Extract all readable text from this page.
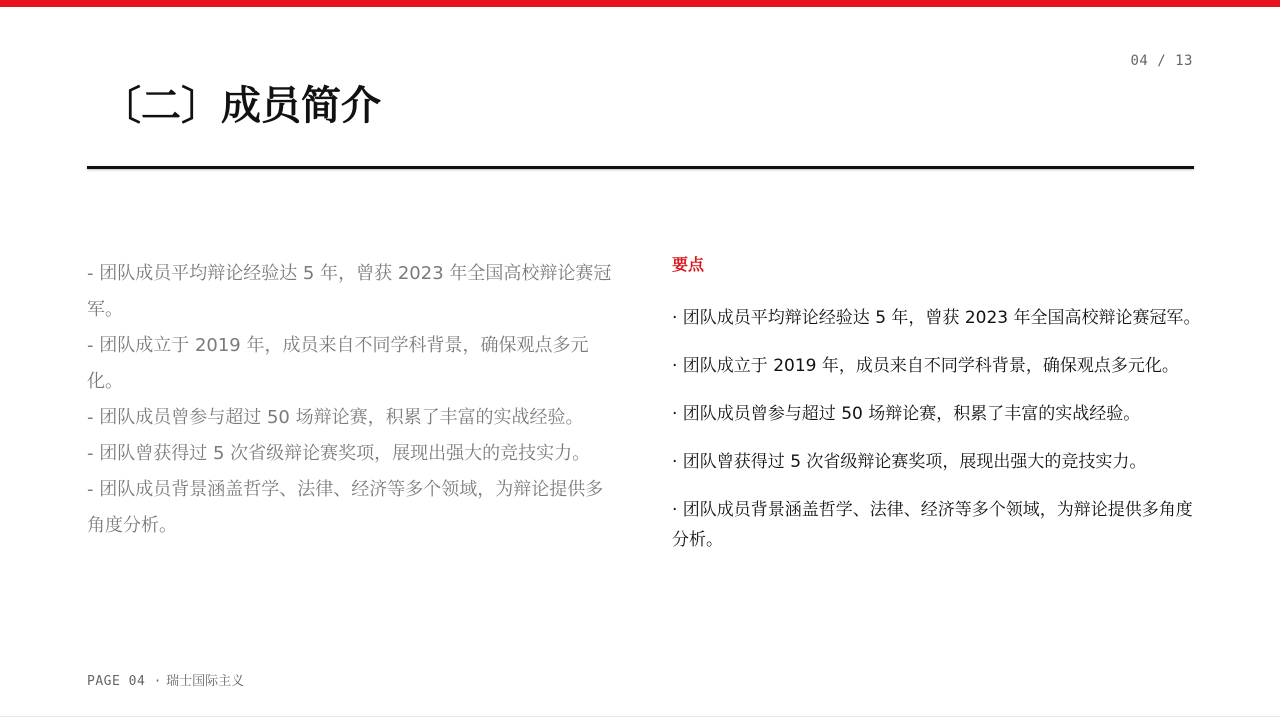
04 / 13
〔二〕成员简介
- 团队成员平均辩论经验达 5 年，曾获 2023 年全国高校辩论赛冠军。
- 团队成立于 2019 年，成员来自不同学科背景，确保观点多元化。
- 团队成员曾参与超过 50 场辩论赛，积累了丰富的实战经验。
- 团队曾获得过 5 次省级辩论赛奖项，展现出强大的竞技实力。
- 团队成员背景涵盖哲学、法律、经济等多个领域，为辩论提供多角度分析。
要点
· 团队成员平均辩论经验达 5 年，曾获 2023 年全国高校辩论赛冠军。
· 团队成立于 2019 年，成员来自不同学科背景，确保观点多元化。
· 团队成员曾参与超过 50 场辩论赛，积累了丰富的实战经验。
· 团队曾获得过 5 次省级辩论赛奖项，展现出强大的竞技实力。
· 团队成员背景涵盖哲学、法律、经济等多个领域，为辩论提供多角度分析。
PAGE 04 · 瑞士国际主义
